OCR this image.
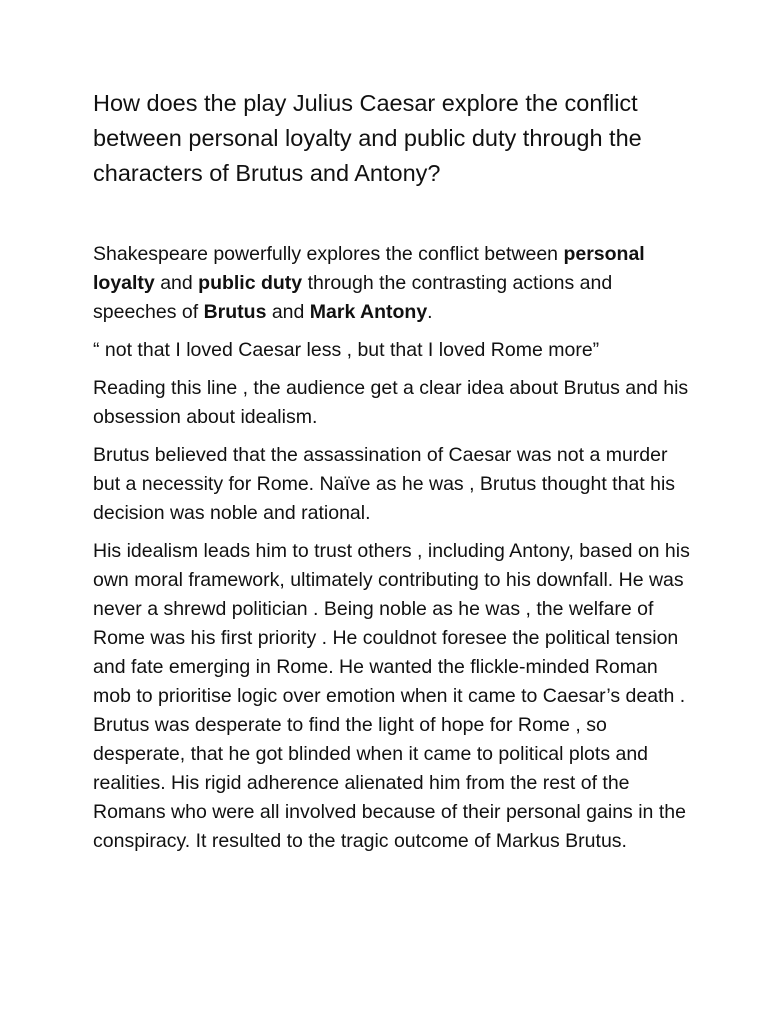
How does the play Julius Caesar explore the conflict between personal loyalty and public duty through the characters of Brutus and Antony?

Shakespeare powerfully explores the conflict between personal loyalty and public duty through the contrasting actions and speeches of Brutus and Mark Antony.

“ not that I loved Caesar less , but that I loved Rome more”

Reading this line , the audience get a clear idea about Brutus and his obsession about idealism.

Brutus believed that the assassination of Caesar was not a murder but a necessity for Rome. Naïve as he was , Brutus thought that his decision was noble and rational.

His idealism leads him to trust others , including Antony, based on his own moral framework, ultimately contributing to his downfall. He was never a shrewd politician . Being noble as he was , the welfare of Rome was his first priority . He couldnot foresee the political tension and fate emerging in Rome. He wanted the flickle-minded Roman mob to prioritise logic over emotion when it came to Caesar’s death . Brutus was desperate to find the light of hope for Rome , so desperate, that he got blinded when it came to political plots and realities. His rigid adherence alienated him from the rest of the Romans who were all involved because of their personal gains in the conspiracy. It resulted to the tragic outcome of Markus Brutus.
